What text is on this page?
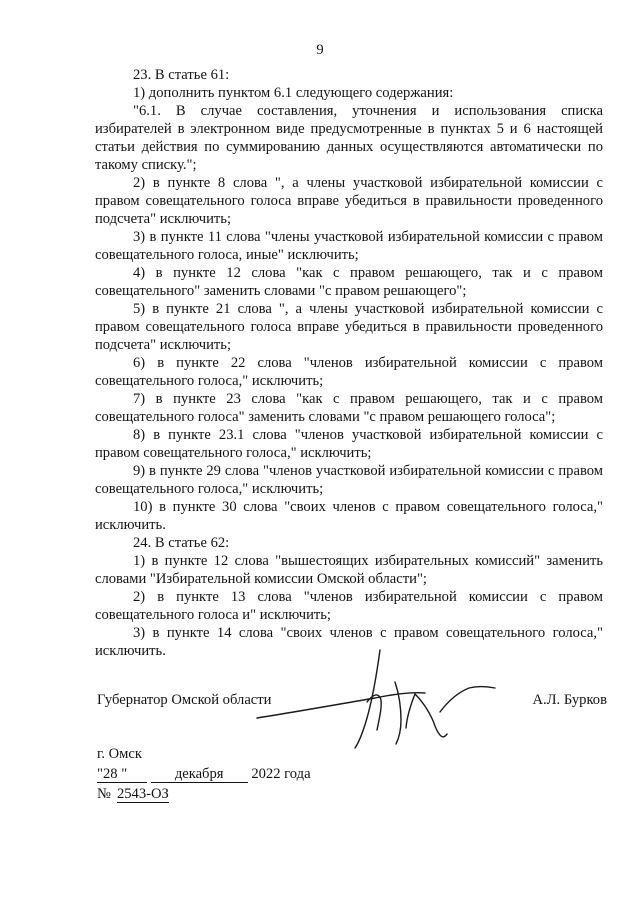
9

23. В статье 61:

1) дополнить пунктом 6.1 следующего содержания:

"6.1. В случае составления, уточнения и использования списка избирателей в электронном виде предусмотренные в пунктах 5 и 6 настоящей статьи действия по суммированию данных осуществляются автоматически по такому списку.";

2) в пункте 8 слова ", а члены участковой избирательной комиссии с правом совещательного голоса вправе убедиться в правильности проведенного подсчета" исключить;

3) в пункте 11 слова "члены участковой избирательной комиссии с правом совещательного голоса, иные" исключить;

4) в пункте 12 слова "как с правом решающего, так и с правом совещательного" заменить словами "с правом решающего";

5) в пункте 21 слова ", а члены участковой избирательной комиссии с правом совещательного голоса вправе убедиться в правильности проведенного подсчета" исключить;

6) в пункте 22 слова "членов избирательной комиссии с правом совещательного голоса," исключить;

7) в пункте 23 слова "как с правом решающего, так и с правом совещательного голоса" заменить словами "с правом решающего голоса";

8) в пункте 23.1 слова "членов участковой избирательной комиссии с правом совещательного голоса," исключить;

9) в пункте 29 слова "членов участковой избирательной комиссии с правом совещательного голоса," исключить;

10) в пункте 30 слова "своих членов с правом совещательного голоса," исключить.

24. В статье 62:

1) в пункте 12 слова "вышестоящих избирательных комиссий" заменить словами "Избирательной комиссии Омской области";

2) в пункте 13 слова "членов избирательной комиссии с правом совещательного голоса и" исключить;

3) в пункте 14 слова "своих членов с правом совещательного голоса," исключить.

Губернатор Омской области	А.Л. Бурков
г. Омск
"28 "	декабря 2022 года
№ 2543-ОЗ
